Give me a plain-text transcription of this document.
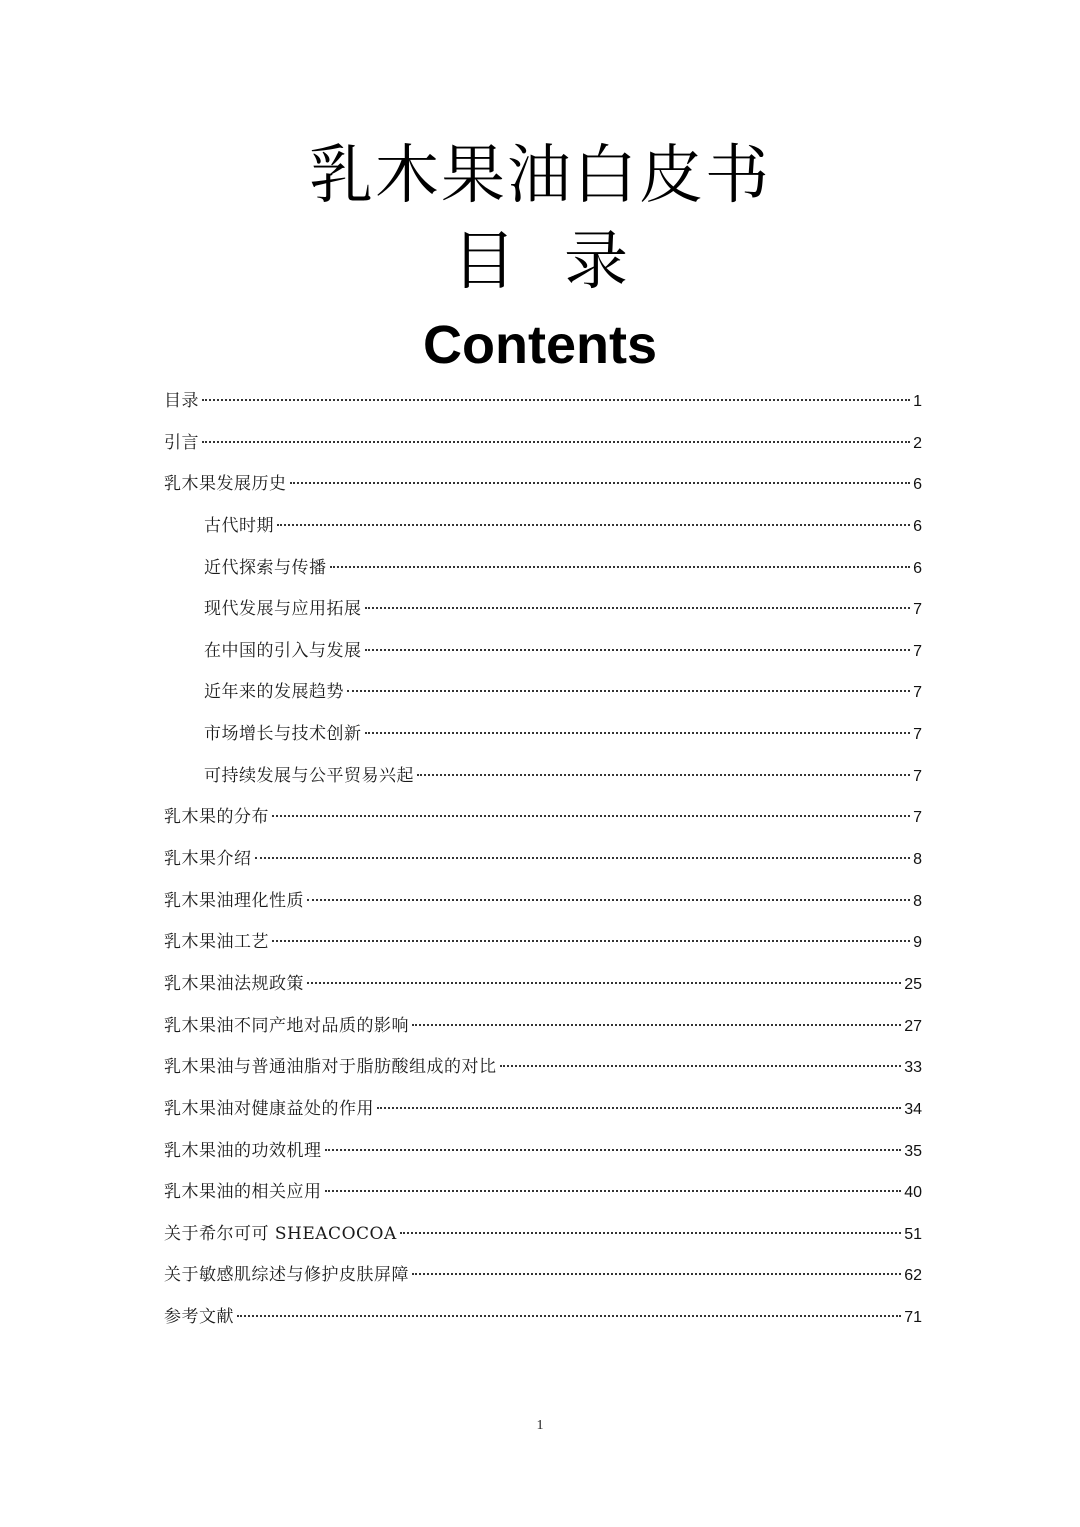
乳木果油白皮书
目 录
Contents
目录	1
引言	2
乳木果发展历史	6
古代时期	6
近代探索与传播	6
现代发展与应用拓展	7
在中国的引入与发展	7
近年来的发展趋势	7
市场增长与技术创新	7
可持续发展与公平贸易兴起	7
乳木果的分布	7
乳木果介绍	8
乳木果油理化性质	8
乳木果油工艺	9
乳木果油法规政策	25
乳木果油不同产地对品质的影响	27
乳木果油与普通油脂对于脂肪酸组成的对比	33
乳木果油对健康益处的作用	34
乳木果油的功效机理	35
乳木果油的相关应用	40
关于希尔可可 SHEACOCOA	51
关于敏感肌综述与修护皮肤屏障	62
参考文献	71
1
